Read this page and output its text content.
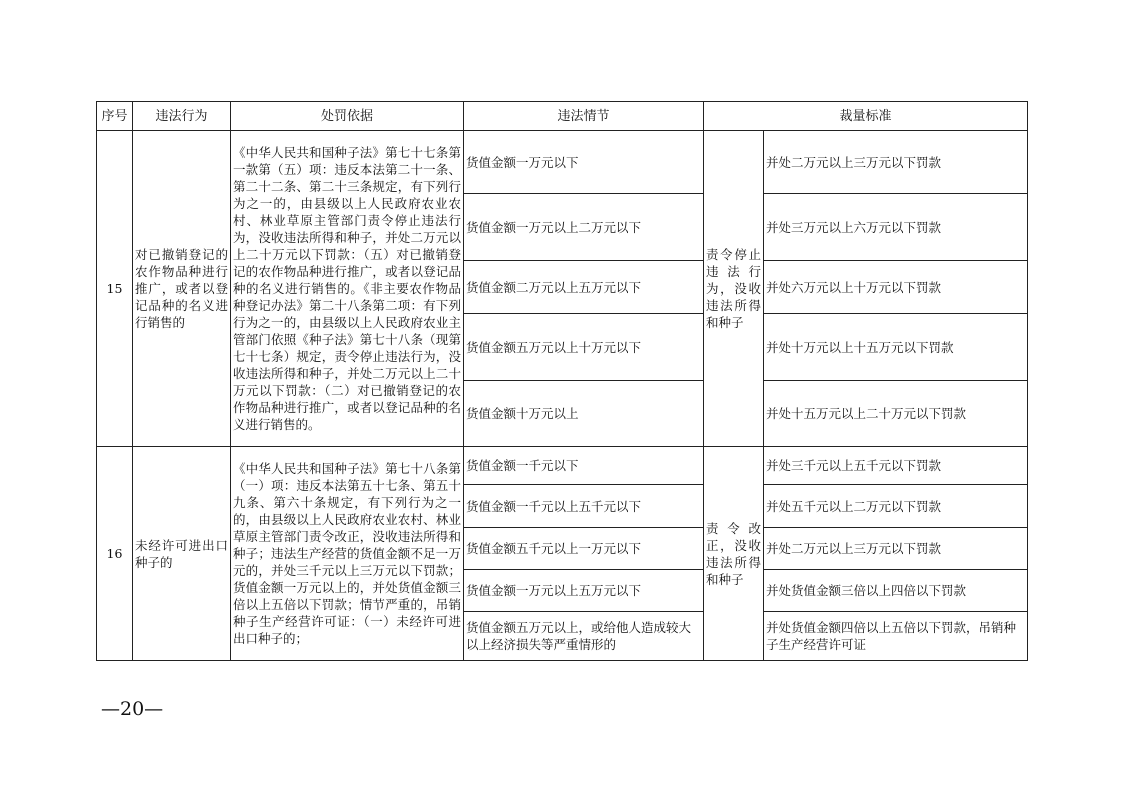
序号	违法行为	处罚依据	违法情节	裁量标准	
15	对已撤销登记的农作物品种进行推广，或者以登记品种的名义进行销售的	《中华人民共和国种子法》第七十七条第一款第（五）项：违反本法第二十一条、第二十二条、第二十三条规定，有下列行为之一的，由县级以上人民政府农业农村、林业草原主管部门责令停止违法行为，没收违法所得和种子，并处二万元以上二十万元以下罚款：（五）对已撤销登记的农作物品种进行推广，或者以登记品种的名义进行销售的。《非主要农作物品种登记办法》第二十八条第二项：有下列行为之一的，由县级以上人民政府农业主管部门依照《种子法》第七十八条（现第七十七条）规定，责令停止违法行为，没收违法所得和种子，并处二万元以上二十万元以下罚款：（二）对已撤销登记的农作物品种进行推广，或者以登记品种的名义进行销售的。	货值金额一万元以下	责令停止违法行为，没收违法所得和种子	并处二万元以上三万元以下罚款
			货值金额一万元以上二万元以下		并处三万元以上六万元以下罚款
			货值金额二万元以上五万元以下		并处六万元以上十万元以下罚款
			货值金额五万元以上十万元以下		并处十万元以上十五万元以下罚款
			货值金额十万元以上		并处十五万元以上二十万元以下罚款
16	未经许可进出口种子的	《中华人民共和国种子法》第七十八条第（一）项：违反本法第五十七条、第五十九条、第六十条规定，有下列行为之一的，由县级以上人民政府农业农村、林业草原主管部门责令改正，没收违法所得和种子；违法生产经营的货值金额不足一万元的，并处三千元以上三万元以下罚款；货值金额一万元以上的，并处货值金额三倍以上五倍以下罚款；情节严重的，吊销种子生产经营许可证：（一）未经许可进出口种子的；	货值金额一千元以下	责令改正，没收违法所得和种子	并处三千元以上五千元以下罚款
			货值金额一千元以上五千元以下		并处五千元以上二万元以下罚款
			货值金额五千元以上一万元以下		并处二万元以上三万元以下罚款
			货值金额一万元以上五万元以下		并处货值金额三倍以上四倍以下罚款
			货值金额五万元以上，或给他人造成较大以上经济损失等严重情形的		并处货值金额四倍以上五倍以下罚款，吊销种子生产经营许可证
—20—
